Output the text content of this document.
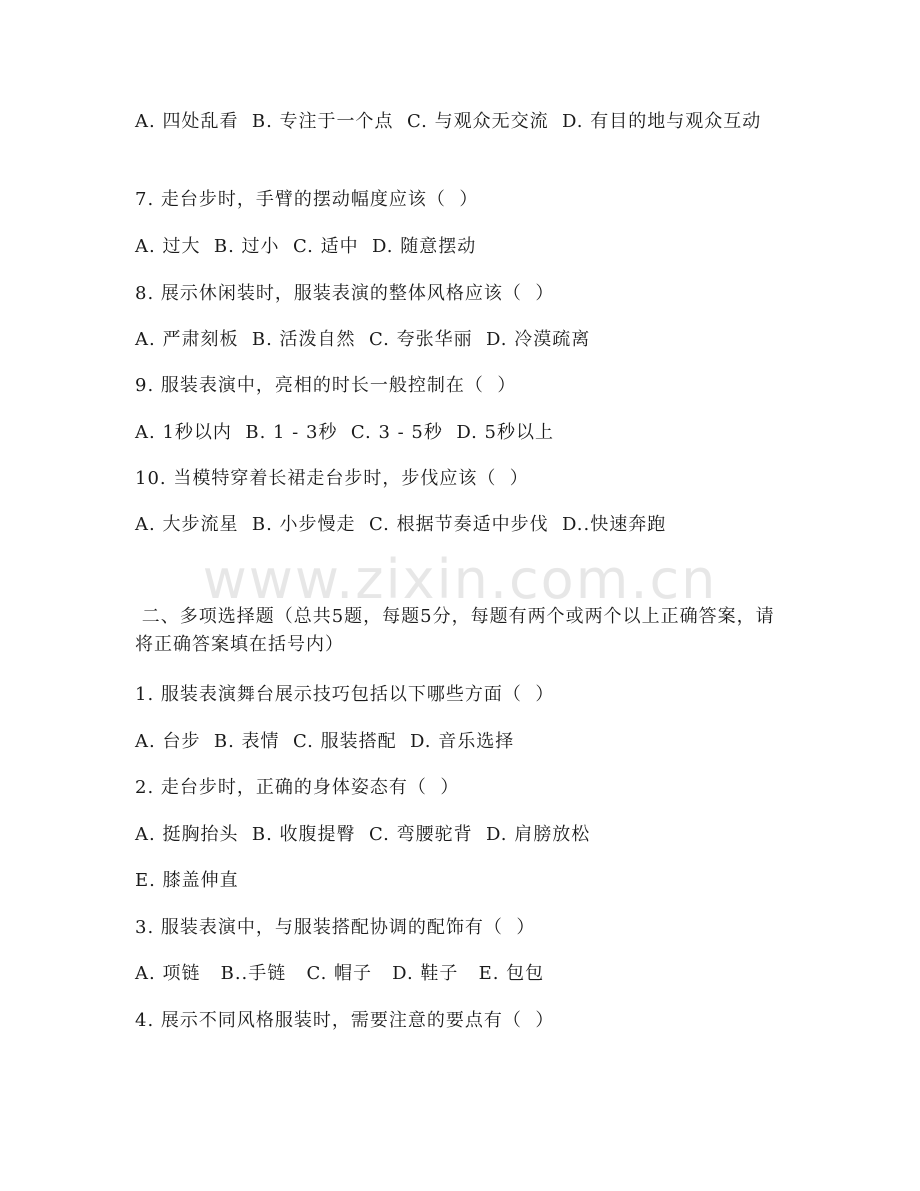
A. 四处乱看  B. 专注于一个点  C. 与观众无交流  D. 有目的地与观众互动
7. 走台步时，手臂的摆动幅度应该（  ）
A. 过大  B. 过小  C. 适中  D. 随意摆动
8. 展示休闲装时，服装表演的整体风格应该（  ）
A. 严肃刻板  B. 活泼自然  C. 夸张华丽  D. 冷漠疏离
9. 服装表演中，亮相的时长一般控制在（  ）
A. 1秒以内  B. 1 - 3秒  C. 3 - 5秒  D. 5秒以上
10. 当模特穿着长裙走台步时，步伐应该（  ）
A. 大步流星  B. 小步慢走  C. 根据节奏适中步伐  D..快速奔跑
www.zixin.com.cn
二、多项选择题（总共5题，每题5分，每题有两个或两个以上正确答案，请将正确答案填在括号内）
1. 服装表演舞台展示技巧包括以下哪些方面（  ）
A. 台步  B. 表情  C. 服装搭配  D. 音乐选择
2. 走台步时，正确的身体姿态有（  ）
A. 挺胸抬头  B. 收腹提臀  C. 弯腰驼背  D. 肩膀放松
E. 膝盖伸直
3. 服装表演中，与服装搭配协调的配饰有（  ）
A. 项链   B..手链   C. 帽子   D. 鞋子   E. 包包
4. 展示不同风格服装时，需要注意的要点有（  ）
